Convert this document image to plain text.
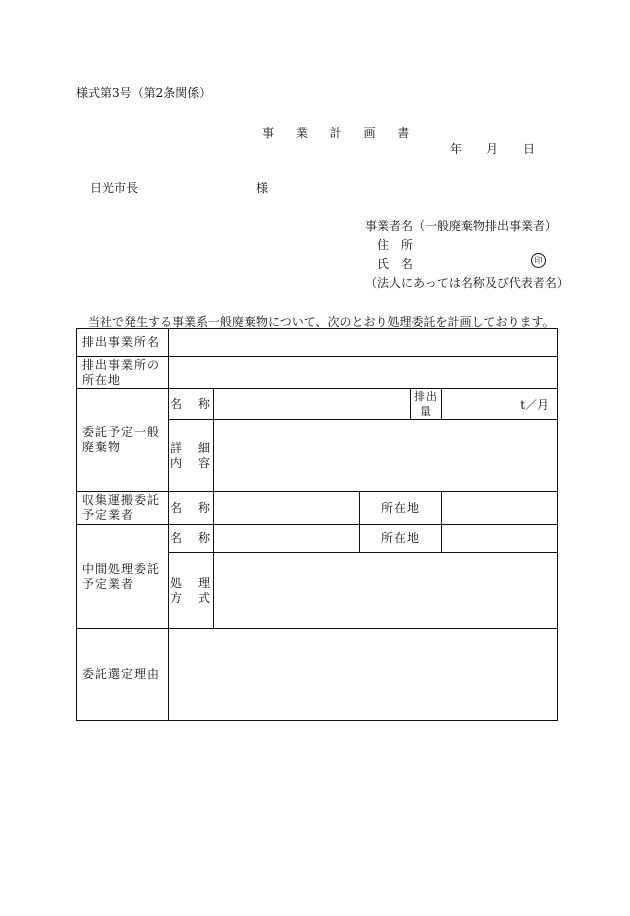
様式第3号（第2条関係）
事 業 計 画 書
年 月 日
日光市長	様
事業者名（一般廃棄物排出事業者）
住 所
氏 名	印
（法人にあっては名称及び代表者名）
当社で発生する事業系一般廃棄物について、次のとおり処理委託を計画しております。
排出事業所名					
排出事業所の所在地					
委託予定一般廃棄物	名　称			排出量	t／月
	詳　細
内　容				
収集運搬委託予定業者	名　称		所在地		
中間処理委託予定業者	名　称		所在地		
	処　理
方　式				
委託選定理由					
